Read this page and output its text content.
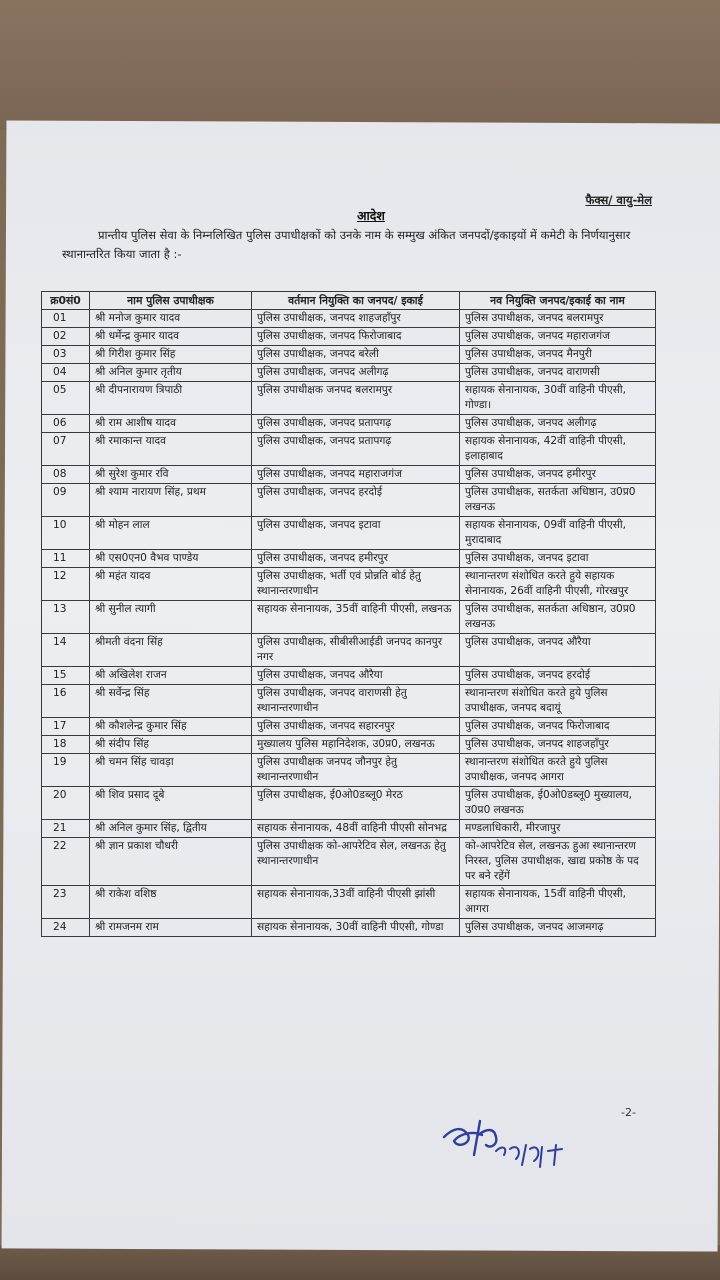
फैक्स/ वायु-मेल
आदेश
प्रान्तीय पुलिस सेवा के निम्नलिखित पुलिस उपाधीक्षकों को उनके नाम के सम्मुख अंकित जनपदों/इकाइयों में कमेटी के निर्णयानुसार स्थानान्तरित किया जाता है :-
क्र0सं0	नाम पुलिस उपाधीक्षक	वर्तमान नियुक्ति का जनपद/ इकाई	नव नियुक्ति जनपद/इकाई का नाम
01	श्री मनोज कुमार यादव	पुलिस उपाधीक्षक, जनपद शाहजहाँपुर	पुलिस उपाधीक्षक, जनपद बलरामपुर
02	श्री धर्मेन्द्र कुमार यादव	पुलिस उपाधीक्षक, जनपद फिरोजाबाद	पुलिस उपाधीक्षक, जनपद महाराजगंज
03	श्री गिरीश कुमार सिंह	पुलिस उपाधीक्षक, जनपद बरेली	पुलिस उपाधीक्षक, जनपद मैनपुरी
04	श्री अनिल कुमार तृतीय	पुलिस उपाधीक्षक, जनपद अलीगढ़	पुलिस उपाधीक्षक, जनपद वाराणसी
05	श्री दीपनारायण त्रिपाठी	पुलिस उपाधीक्षक जनपद बलरामपुर	सहायक सेनानायक, 30वीं वाहिनी पीएसी, गोण्डा।
06	श्री राम आशीष यादव	पुलिस उपाधीक्षक, जनपद प्रतापगढ़	पुलिस उपाधीक्षक, जनपद अलीगढ़
07	श्री रमाकान्त यादव	पुलिस उपाधीक्षक, जनपद प्रतापगढ़	सहायक सेनानायक, 42वीं वाहिनी पीएसी, इलाहाबाद
08	श्री सुरेश कुमार रवि	पुलिस उपाधीक्षक, जनपद महाराजगंज	पुलिस उपाधीक्षक, जनपद हमीरपुर
09	श्री श्याम नारायण सिंह, प्रथम	पुलिस उपाधीक्षक, जनपद हरदोई	पुलिस उपाधीक्षक, सतर्कता अधिष्ठान, उ0प्र0 लखनऊ
10	श्री मोहन लाल	पुलिस उपाधीक्षक, जनपद इटावा	सहायक सेनानायक, 09वीं वाहिनी पीएसी, मुरादाबाद
11	श्री एस0एन0 वैभव पाण्डेय	पुलिस उपाधीक्षक, जनपद हमीरपुर	पुलिस उपाधीक्षक, जनपद इटावा
12	श्री महंत यादव	पुलिस उपाधीक्षक, भर्ती एवं प्रोन्नति बोर्ड हेतु स्थानान्तरणाधीन	स्थानान्तरण संशोधित करते हुये सहायक सेनानायक, 26वीं वाहिनी पीएसी, गोरखपुर
13	श्री सुनील त्यागी	सहायक सेनानायक, 35वीं वाहिनी पीएसी, लखनऊ	पुलिस उपाधीक्षक, सतर्कता अधिष्ठान, उ0प्र0 लखनऊ
14	श्रीमती वंदना सिंह	पुलिस उपाधीक्षक, सीबीसीआईडी जनपद कानपुर नगर	पुलिस उपाधीक्षक, जनपद औरैया
15	श्री अखिलेश राजन	पुलिस उपाधीक्षक, जनपद औरैया	पुलिस उपाधीक्षक, जनपद हरदोई
16	श्री सर्वेन्द्र सिंह	पुलिस उपाधीक्षक, जनपद वाराणसी हेतु स्थानान्तरणाधीन	स्थानान्तरण संशोधित करते हुये पुलिस उपाधीक्षक, जनपद बदायूं
17	श्री कौशलेन्द्र कुमार सिंह	पुलिस उपाधीक्षक, जनपद सहारनपुर	पुलिस उपाधीक्षक, जनपद फिरोजाबाद
18	श्री संदीप सिंह	मुख्यालय पुलिस महानिदेशक, उ0प्र0, लखनऊ	पुलिस उपाधीक्षक, जनपद शाहजहाँपुर
19	श्री चमन सिंह चावड़ा	पुलिस उपाधीक्षक जनपद जौनपुर हेतु स्थानान्तरणाधीन	स्थानान्तरण संशोधित करते हुये पुलिस उपाधीक्षक, जनपद आगरा
20	श्री शिव प्रसाद दूबे	पुलिस उपाधीक्षक, ई0ओ0डब्लू0 मेरठ	पुलिस उपाधीक्षक, ई0ओ0डब्लू0 मुख्यालय, उ0प्र0 लखनऊ
21	श्री अनिल कुमार सिंह, द्वितीय	सहायक सेनानायक, 48वीं वाहिनी पीएसी सोनभद्र	मण्डलाधिकारी, मीरजापुर
22	श्री ज्ञान प्रकाश चौधरी	पुलिस उपाधीक्षक को-आपरेटिव सेल, लखनऊ हेतु स्थानान्तरणाधीन	को-आपरेटिव सेल, लखनऊ हुआ स्थानान्तरण निरस्त, पुलिस उपाधीक्षक, खाद्य प्रकोष्ठ के पद पर बने रहेंगें
23	श्री राकेश वशिष्ठ	सहायक सेनानायक,33वीं वाहिनी पीएसी झांसी	सहायक सेनानायक, 15वीं वाहिनी पीएसी, आगरा
24	श्री रामजनम राम	सहायक सेनानायक, 30वीं वाहिनी पीएसी, गोण्डा	पुलिस उपाधीक्षक, जनपद आजमगढ़
-2-
